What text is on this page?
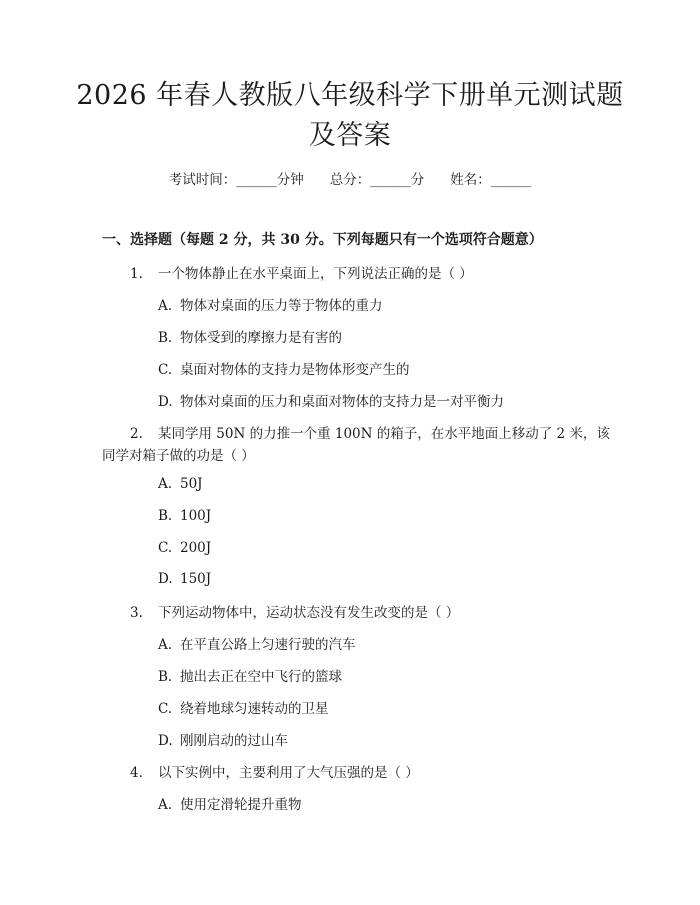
2026 年春人教版八年级科学下册单元测试题
及答案
考试时间：______分钟 总分：______分 姓名：______
一、选择题（每题 2 分，共 30 分。下列每题只有一个选项符合题意）
1. 一个物体静止在水平桌面上，下列说法正确的是（ ）
A. 物体对桌面的压力等于物体的重力
B. 物体受到的摩擦力是有害的
C. 桌面对物体的支持力是物体形变产生的
D. 物体对桌面的压力和桌面对物体的支持力是一对平衡力
2. 某同学用 50N 的力推一个重 100N 的箱子，在水平地面上移动了 2 米，该
同学对箱子做的功是（ ）
A. 50J
B. 100J
C. 200J
D. 150J
3. 下列运动物体中，运动状态没有发生改变的是（ ）
A. 在平直公路上匀速行驶的汽车
B. 抛出去正在空中飞行的篮球
C. 绕着地球匀速转动的卫星
D. 刚刚启动的过山车
4. 以下实例中，主要利用了大气压强的是（ ）
A. 使用定滑轮提升重物
